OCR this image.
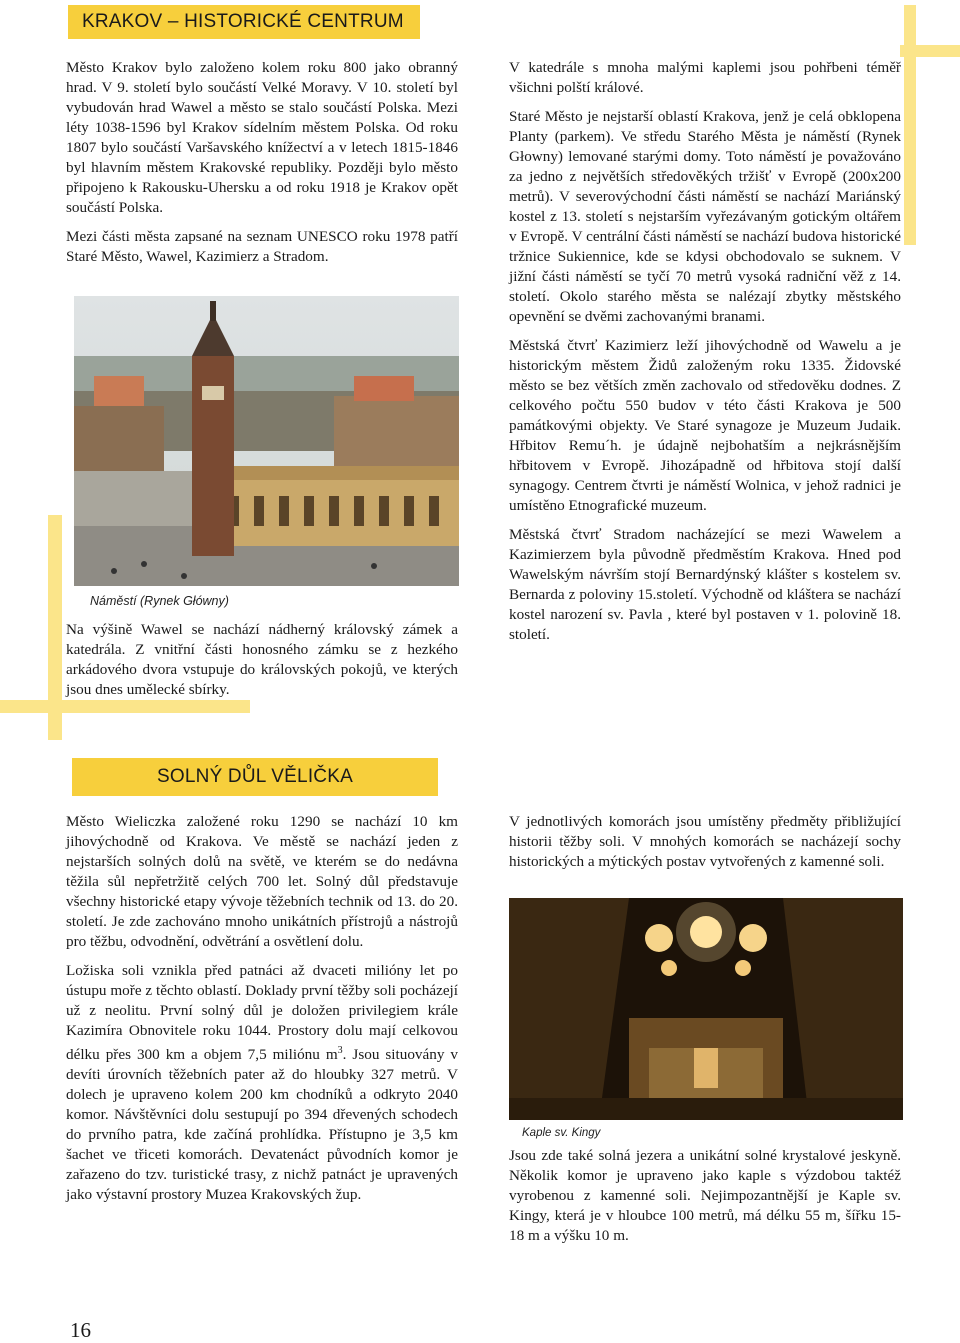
KRAKOV – HISTORICKÉ CENTRUM

Město Krakov bylo založeno kolem roku 800 jako obranný hrad. V 9. století bylo součástí Velké Moravy. V 10. století byl vybudován hrad Wawel a město se stalo součástí Polska. Mezi léty 1038-1596 byl Krakov sídelním městem Polska. Od roku 1807 bylo součástí Varšavského knížectví a v letech 1815-1846 byl hlavním městem Krakovské republiky. Později bylo město připojeno k Rakousku-Uhersku a od roku 1918 je Krakov opět součástí Polska.

Mezi části města zapsané na seznam UNESCO roku 1978 patří Staré Město, Wawel, Kazimierz a Stradom.

Náměstí (Rynek Główny)

Na výšině Wawel se nachází nádherný královský zámek a katedrála. Z vnitřní části honosného zámku se z hezkého arkádového dvora vstupuje do královských pokojů, ve kterých jsou dnes umělecké sbírky.

V katedrále s mnoha malými kaplemi jsou pohřbeni téměř všichni polští králové.

Staré Město je nejstarší oblastí Krakova, jenž je celá obklopena Planty (parkem). Ve středu Starého Města je náměstí (Rynek Głowny) lemované starými domy. Toto náměstí je považováno za jedno z největších středověkých tržišť v Evropě (200x200 metrů). V severovýchodní části náměstí se nachází Mariánský kostel z 13. století s nejstarším vyřezávaným gotickým oltářem v Evropě. V centrální části náměstí se nachází budova historické tržnice Sukiennice, kde se kdysi obchodovalo se suknem. V jižní části náměstí se tyčí 70 metrů vysoká radniční věž z 14. století. Okolo starého města se nalézají zbytky městského opevnění se dvěmi zachovanými branami.

Městská čtvrť Kazimierz leží jihovýchodně od Wawelu a je historickým městem Židů založeným roku 1335. Židovské město se bez větších změn zachovalo od středověku dodnes. Z celkového počtu 550 budov v této části Krakova je 500 památkovými objekty. Ve Staré synagoze je Muzeum Judaik. Hřbitov Remu´h. je údajně nejbohatším a nejkrásnějším hřbitovem v Evropě. Jihozápadně od hřbitova stojí další synagogy. Centrem čtvrti je náměstí Wolnica, v jehož radnici je umístěno Etnografické muzeum.

Městská čtvrť Stradom nacházející se mezi Wawelem a Kazimierzem byla původně předměstím Krakova. Hned pod Wawelským návrším stojí Bernardýnský klášter s kostelem sv. Bernarda z poloviny 15.století. Východně od kláštera se nachází kostel narození sv. Pavla , které byl postaven v 1. polovině 18. století.

SOLNÝ DŮL VĚLIČKA

Město Wieliczka založené roku 1290 se nachází 10 km jihovýchodně od Krakova. Ve městě se nachází jeden z nejstarších solných dolů na světě, ve kterém se do nedávna těžila sůl nepřetržitě celých 700 let. Solný důl představuje všechny historické etapy vývoje těžebních technik od 13. do 20. století. Je zde zachováno mnoho unikátních přístrojů a nástrojů pro těžbu, odvodnění, odvětrání a osvětlení dolu.

Ložiska soli vznikla před patnáci až dvaceti milióny let po ústupu moře z těchto oblastí. Doklady první těžby soli pocházejí už z neolitu. První solný důl je doložen privilegiem krále Kazimíra Obnovitele roku 1044. Prostory dolu mají celkovou délku přes 300 km a objem 7,5 miliónu $m^3$. Jsou situovány v devíti úrovních těžebních pater až do hloubky 327 metrů. V dolech je upraveno kolem 200 km chodníků a odkryto 2040 komor. Návštěvníci dolu sestupují po 394 dřevených schodech do prvního patra, kde začíná prohlídka. Přístupno je 3,5 km šachet ve třiceti komorách. Devatenáct původních komor je zařazeno do tzv. turistické trasy, z nichž patnáct je upravených jako výstavní prostory Muzea Krakovských žup.

V jednotlivých komorách jsou umístěny předměty přibližující historii těžby soli. V mnohých komorách se nacházejí sochy historických a mýtických postav vytvořených z kamenné soli.

Kaple sv. Kingy

Jsou zde také solná jezera a unikátní solné krystalové jeskyně. Několik komor je upraveno jako kaple s výzdobou taktéž vyrobenou z kamenné soli. Nejimpozantnější je Kaple sv. Kingy, která je v hloubce 100 metrů, má délku 55 m, šířku 15-18 m a výšku 10 m.

16
